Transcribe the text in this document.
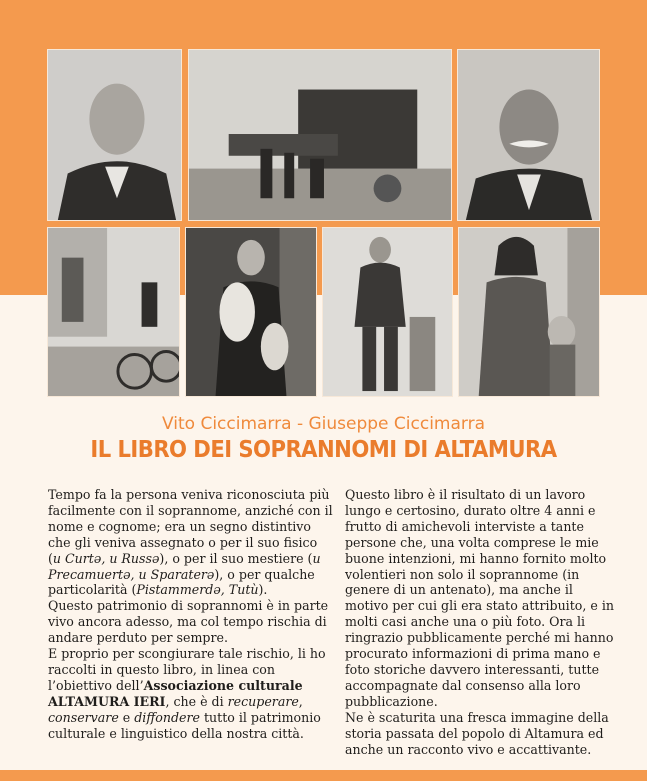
Vito Ciccimarra - Giuseppe Ciccimarra
IL LIBRO DEI SOPRANNOMI DI ALTAMURA

Tempo fa la persona veniva riconosciuta più facilmente con il soprannome, anziché con il nome e cognome; era un segno distintivo che gli veniva assegnato o per il suo fisico (u Curtə, u Russə), o per il suo mestiere (u Precamuertə, u Sparaterə), o per qualche particolarità (Pistammerdə, Tutù).

Questo patrimonio di soprannomi è in parte vivo ancora adesso, ma col tempo rischia di andare perduto per sempre.

E proprio per scongiurare tale rischio, li ho raccolti in questo libro, in linea con l’obiettivo dell’Associazione culturale ALTAMURA IERI, che è di recuperare, conservare e diffondere tutto il patrimonio culturale e linguistico della nostra città.

Questo libro è il risultato di un lavoro lungo e certosino, durato oltre 4 anni e frutto di amichevoli interviste a tante persone che, una volta comprese le mie buone intenzioni, mi hanno fornito molto volentieri non solo il soprannome (in genere di un antenato), ma anche il motivo per cui gli era stato attribuito, e in molti casi anche una o più foto. Ora li ringrazio pubblicamente perché mi hanno procurato informazioni di prima mano e foto storiche davvero interessanti, tutte accompagnate dal consenso alla loro pubblicazione.

Ne è scaturita una fresca immagine della storia passata del popolo di Altamura ed anche un racconto vivo e accattivante.
